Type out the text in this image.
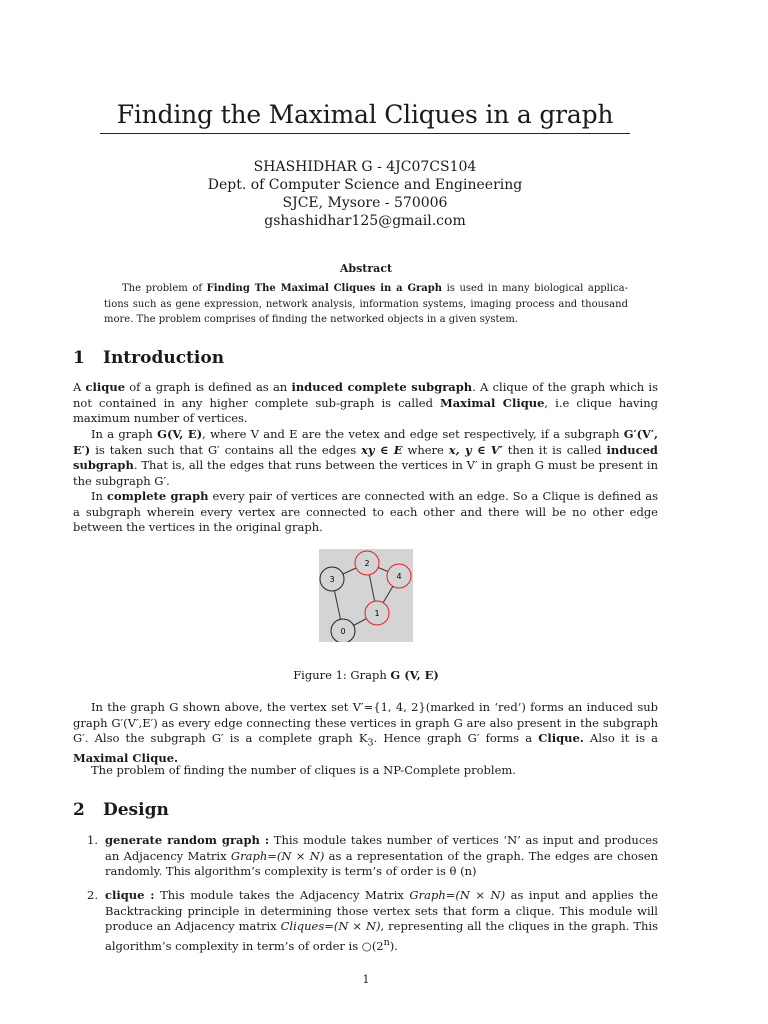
Finding the Maximal Cliques in a graph
SHASHIDHAR G - 4JC07CS104
Dept. of Computer Science and Engineering
SJCE, Mysore - 570006
gshashidhar125@gmail.com
Abstract
The problem of Finding The Maximal Cliques in a Graph is used in many biological applica-tions such as gene expression, network analysis, information systems, imaging process and thousand more. The problem comprises of finding the networked objects in a given system.
1 Introduction
A clique of a graph is defined as an induced complete subgraph. A clique of the graph which is not contained in any higher complete sub-graph is called Maximal Clique, i.e clique having maximum number of vertices.
In a graph G(V, E), where V and E are the vetex and edge set respectively, if a subgraph G′(V′, E′) is taken such that G′ contains all the edges xy ∈ E where x, y ∈ V′ then it is called induced subgraph. That is, all the edges that runs between the vertices in V′ in graph G must be present in the subgraph G′.
In complete graph every pair of vertices are connected with an edge. So a Clique is defined as a subgraph wherein every vertex are connected to each other and there will be no other edge between the vertices in the original graph.
3
2
4
1
0
Figure 1: Graph G (V, E)
In the graph G shown above, the vertex set V′={1, 4, 2}(marked in ‘red’) forms an induced sub graph G′(V′,E′) as every edge connecting these vertices in graph G are also present in the subgraph G′. Also the subgraph G′ is a complete graph $K_3$. Hence graph G′ forms a Clique. Also it is a Maximal Clique.
The problem of finding the number of cliques is a NP-Complete problem.
2 Design
1. generate random graph : This module takes number of vertices ‘N’ as input and produces an Adjacency Matrix Graph=(N × N) as a representation of the graph. The edges are chosen randomly. This algorithm’s complexity is term’s of order is θ (n)
2. clique : This module takes the Adjacency Matrix Graph=(N × N) as input and applies the Backtracking principle in determining those vertex sets that form a clique. This module will produce an Adjacency matrix Cliques=(N × N), representing all the cliques in the graph. This algorithm’s complexity in term’s of order is ○(2$^n$).
1
